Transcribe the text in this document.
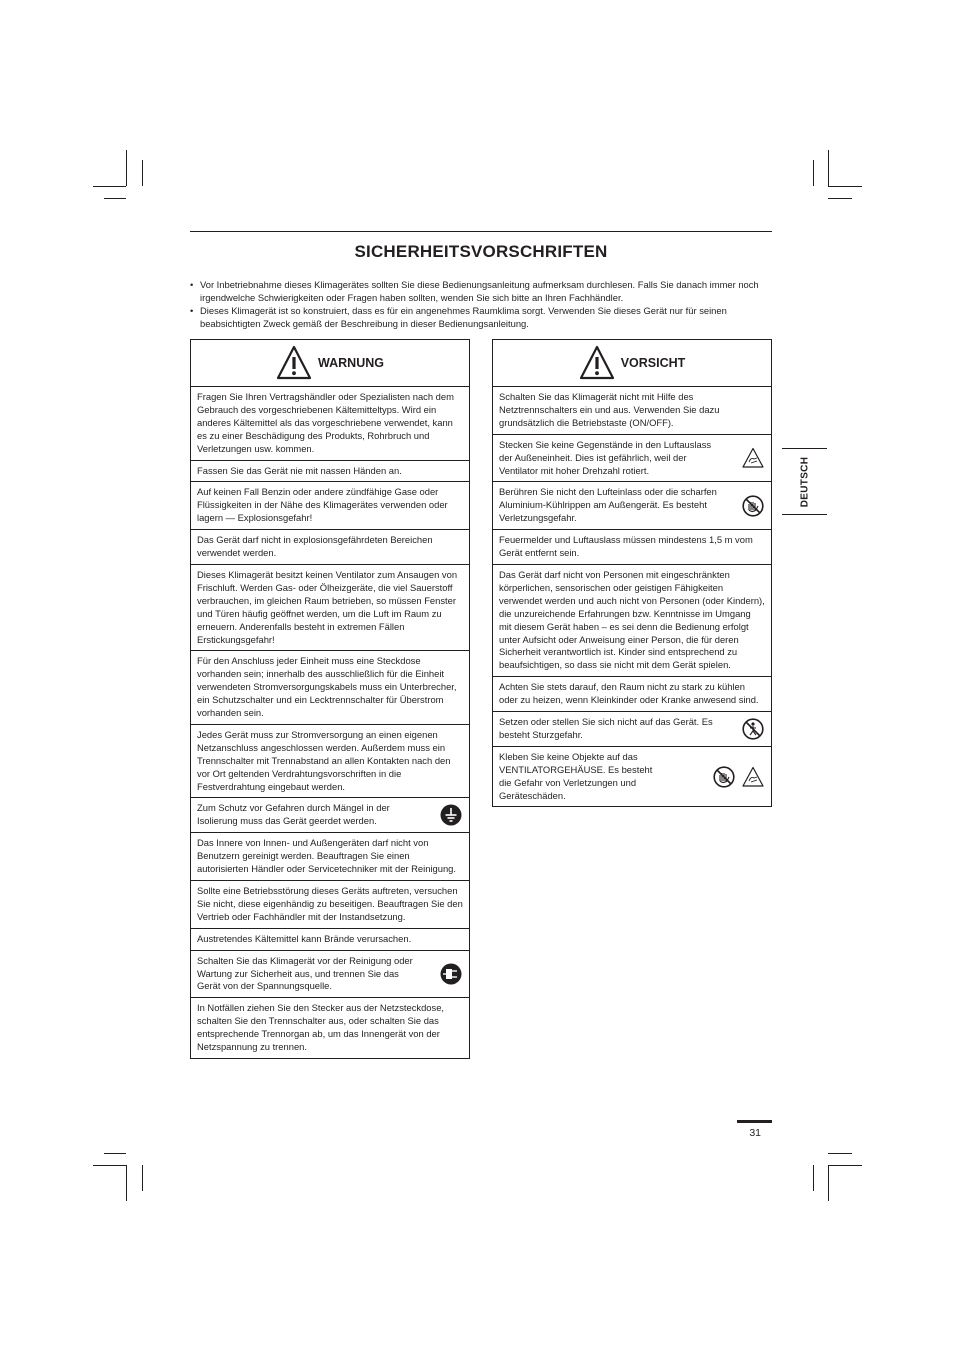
SICHERHEITSVORSCHRIFTEN
• Vor Inbetriebnahme dieses Klimagerätes sollten Sie diese Bedienungsanleitung aufmerksam durchlesen. Falls Sie danach immer noch irgendwelche Schwierigkeiten oder Fragen haben sollten, wenden Sie sich bitte an Ihren Fachhändler.
• Dieses Klimagerät ist so konstruiert, dass es für ein angenehmes Raumklima sorgt. Verwenden Sie dieses Gerät nur für seinen beabsichtigten Zweck gemäß der Beschreibung in dieser Bedienungsanleitung.
WARNUNG
Fragen Sie Ihren Vertragshändler oder Spezialisten nach dem Gebrauch des vorgeschriebenen Kältemitteltyps. Wird ein anderes Kältemittel als das vorgeschriebene verwendet, kann es zu einer Beschädigung des Produkts, Rohrbruch und Verletzungen usw. kommen.
Fassen Sie das Gerät nie mit nassen Händen an.
Auf keinen Fall Benzin oder andere zündfähige Gase oder Flüssigkeiten in der Nähe des Klimagerätes verwenden oder lagern — Explosionsgefahr!
Das Gerät darf nicht in explosionsgefährdeten Bereichen verwendet werden.
Dieses Klimagerät besitzt keinen Ventilator zum Ansaugen von Frischluft. Werden Gas- oder Ölheizgeräte, die viel Sauerstoff verbrauchen, im gleichen Raum betrieben, so müssen Fenster und Türen häufig geöffnet werden, um die Luft im Raum zu erneuern. Anderenfalls besteht in extremen Fällen Erstickungsgefahr!
Für den Anschluss jeder Einheit muss eine Steckdose vorhanden sein; innerhalb des ausschließlich für die Einheit verwendeten Stromversorgungskabels muss ein Unterbrecher, ein Schutzschalter und ein Lecktrennschalter für Überstrom vorhanden sein.
Jedes Gerät muss zur Stromversorgung an einen eigenen Netzanschluss angeschlossen werden. Außerdem muss ein Trennschalter mit Trennabstand an allen Kontakten nach den vor Ort geltenden Verdrahtungsvorschriften in die Festverdrahtung eingebaut werden.
Zum Schutz vor Gefahren durch Mängel in der Isolierung muss das Gerät geerdet werden.
Das Innere von Innen- und Außengeräten darf nicht von Benutzern gereinigt werden. Beauftragen Sie einen autorisierten Händler oder Servicetechniker mit der Reinigung.
Sollte eine Betriebsstörung dieses Geräts auftreten, versuchen Sie nicht, diese eigenhändig zu beseitigen. Beauftragen Sie den Vertrieb oder Fachhändler mit der Instandsetzung.
Austretendes Kältemittel kann Brände verursachen.
Schalten Sie das Klimagerät vor der Reinigung oder Wartung zur Sicherheit aus, und trennen Sie das Gerät von der Spannungsquelle.
In Notfällen ziehen Sie den Stecker aus der Netzsteckdose, schalten Sie den Trennschalter aus, oder schalten Sie das entsprechende Trennorgan ab, um das Innengerät von der Netzspannung zu trennen.
VORSICHT
Schalten Sie das Klimagerät nicht mit Hilfe des Netztrennschalters ein und aus. Verwenden Sie dazu grundsätzlich die Betriebstaste (ON/OFF).
Stecken Sie keine Gegenstände in den Luftauslass der Außeneinheit. Dies ist gefährlich, weil der Ventilator mit hoher Drehzahl rotiert.
Berühren Sie nicht den Lufteinlass oder die scharfen Aluminium-Kühlrippen am Außengerät. Es besteht Verletzungsgefahr.
Feuermelder und Luftauslass müssen mindestens 1,5 m vom Gerät entfernt sein.
Das Gerät darf nicht von Personen mit eingeschränkten körperlichen, sensorischen oder geistigen Fähigkeiten verwendet werden und auch nicht von Personen (oder Kindern), die unzureichende Erfahrungen bzw. Kenntnisse im Umgang mit diesem Gerät haben – es sei denn die Bedienung erfolgt unter Aufsicht oder Anweisung einer Person, die für deren Sicherheit verantwortlich ist. Kinder sind entsprechend zu beaufsichtigen, so dass sie nicht mit dem Gerät spielen.
Achten Sie stets darauf, den Raum nicht zu stark zu kühlen oder zu heizen, wenn Kleinkinder oder Kranke anwesend sind.
Setzen oder stellen Sie sich nicht auf das Gerät. Es besteht Sturzgefahr.
Kleben Sie keine Objekte auf das VENTILATORGEHÄUSE. Es besteht die Gefahr von Verletzungen und Geräteschäden.
DEUTSCH
31
